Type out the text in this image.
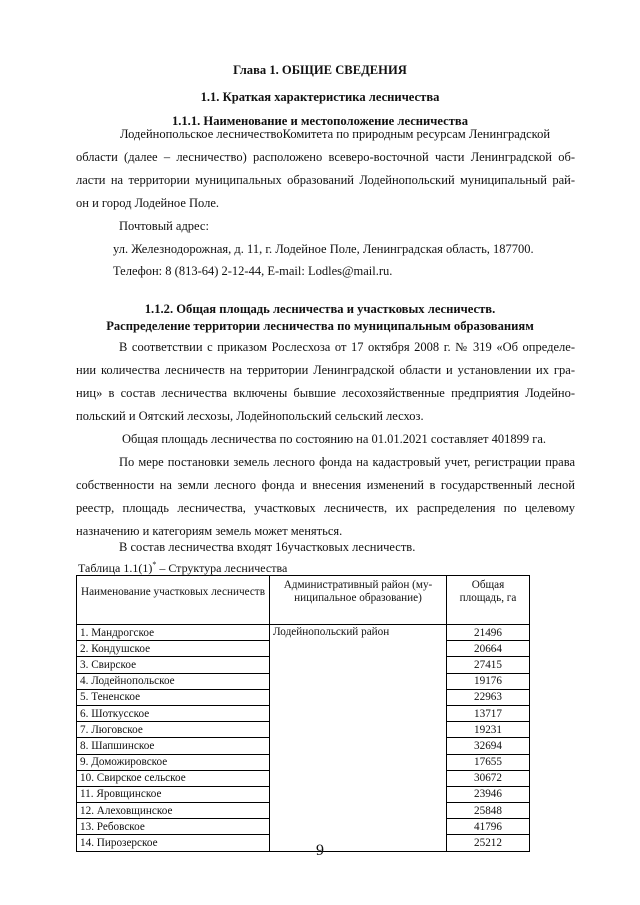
Глава 1. ОБЩИЕ СВЕДЕНИЯ
1.1. Краткая характеристика лесничества
1.1.1. Наименование и местоположение лесничества
Лодейнопольское лесничествоКомитета по природным ресурсам Ленинградской
области (далее – лесничество) расположено всеверо-восточной части Ленинградской об-
ласти на территории муниципальных образований Лодейнопольский муниципальный рай-
он и город Лодейное Поле.
Почтовый адрес:
ул. Железнодорожная, д. 11, г. Лодейное Поле, Ленинградская область, 187700.
Телефон: 8 (813-64) 2-12-44, E-mail: Lodles@mail.ru.
1.1.2. Общая площадь лесничества и участковых лесничеств.
Распределение территории лесничества по муниципальным образованиям
В соответствии с приказом Рослесхоза от 17 октября 2008 г. № 319 «Об определе-
нии количества лесничеств на территории Ленинградской области и установлении их гра-
ниц» в состав лесничества включены бывшие лесохозяйственные предприятия Лодейно-
польский и Оятский лесхозы, Лодейнопольский сельский лесхоз.
Общая площадь лесничества по состоянию на 01.01.2021 составляет 401899 га.
По мере постановки земель лесного фонда на кадастровый учет, регистрации права
собственности на земли лесного фонда и внесения изменений в государственный лесной
реестр, площадь лесничества, участковых лесничеств, их распределения по целевому
назначению и категориям земель может меняться.
В состав лесничества входят 16участковых лесничеств.
Таблица 1.1(1)* – Структура лесничества
Наименование участковых лесничеств	Административный район (му-ниципальное образование)	Общая площадь, га
1. Мандрогское	Лодейнопольский район	21496
2. Кондушское		20664
3. Свирское		27415
4. Лодейнопольское		19176
5. Тененское		22963
6. Шоткусское		13717
7. Люговское		19231
8. Шапшинское		32694
9. Доможировское		17655
10. Свирское сельское		30672
11. Яровщинское		23946
12. Алеховщинское		25848
13. Ребовское		41796
14. Пирозерское		25212
9
